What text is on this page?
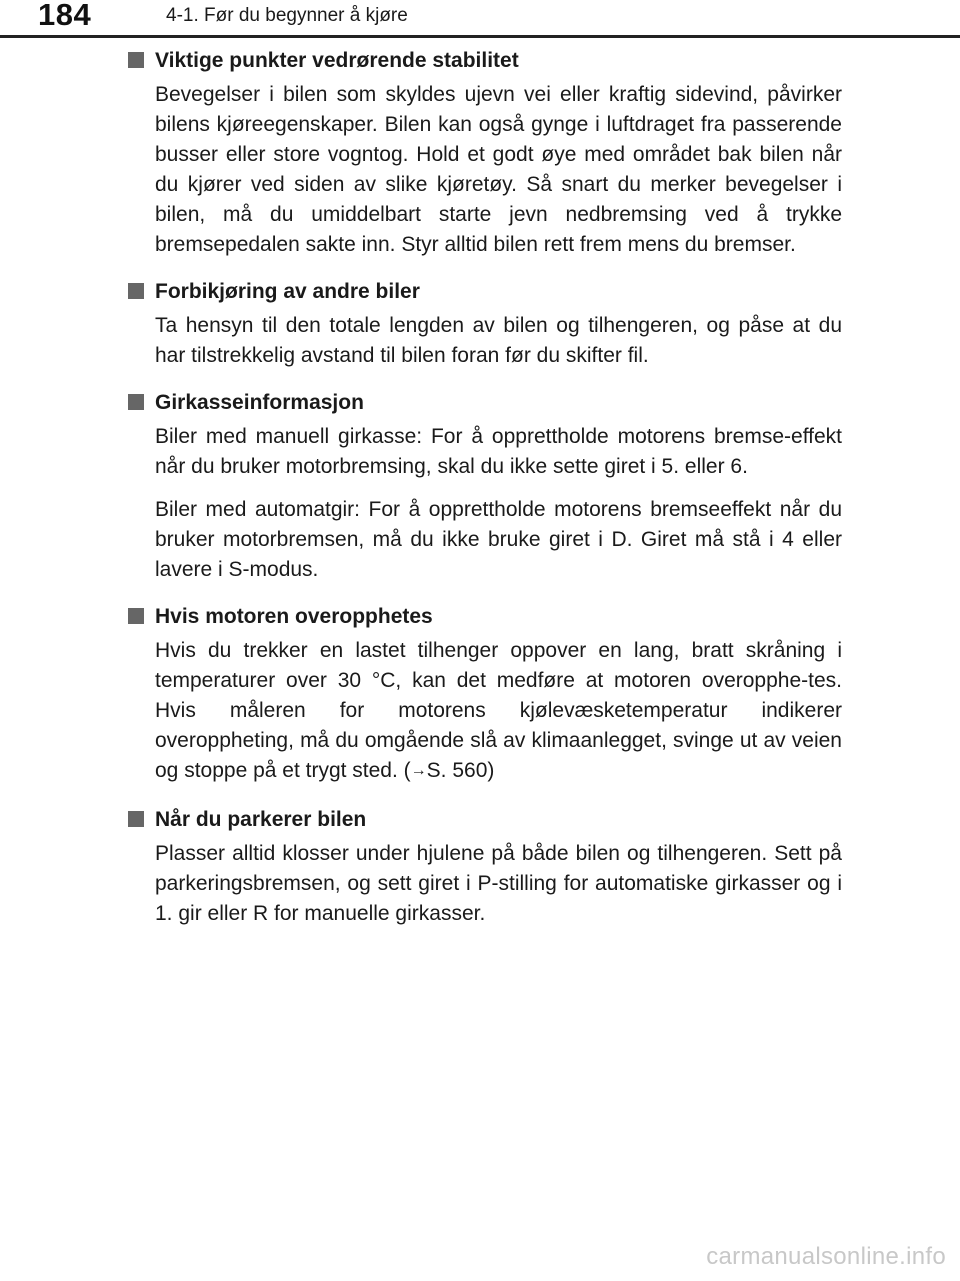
184	4-1. Før du begynner å kjøre
Viktige punkter vedrørende stabilitet

Bevegelser i bilen som skyldes ujevn vei eller kraftig sidevind, påvirker bilens kjøreegenskaper. Bilen kan også gynge i luftdraget fra passerende busser eller store vogntog. Hold et godt øye med området bak bilen når du kjører ved siden av slike kjøretøy. Så snart du merker bevegelser i bilen, må du umiddelbart starte jevn nedbremsing ved å trykke bremsepedalen sakte inn. Styr alltid bilen rett frem mens du bremser.

Forbikjøring av andre biler

Ta hensyn til den totale lengden av bilen og tilhengeren, og påse at du har tilstrekkelig avstand til bilen foran før du skifter fil.

Girkasseinformasjon

Biler med manuell girkasse: For å opprettholde motorens bremse-effekt når du bruker motorbremsing, skal du ikke sette giret i 5. eller 6.

Biler med automatgir: For å opprettholde motorens bremseeffekt når du bruker motorbremsen, må du ikke bruke giret i D. Giret må stå i 4 eller lavere i S-modus.

Hvis motoren overopphetes

Hvis du trekker en lastet tilhenger oppover en lang, bratt skråning i temperaturer over 30 °C, kan det medføre at motoren overopphe-tes. Hvis måleren for motorens kjølevæsketemperatur indikerer overoppheting, må du omgående slå av klimaanlegget, svinge ut av veien og stoppe på et trygt sted. (→S. 560)

Når du parkerer bilen

Plasser alltid klosser under hjulene på både bilen og tilhengeren. Sett på parkeringsbremsen, og sett giret i P-stilling for automatiske girkasser og i 1. gir eller R for manuelle girkasser.

carmanualsonline.info
